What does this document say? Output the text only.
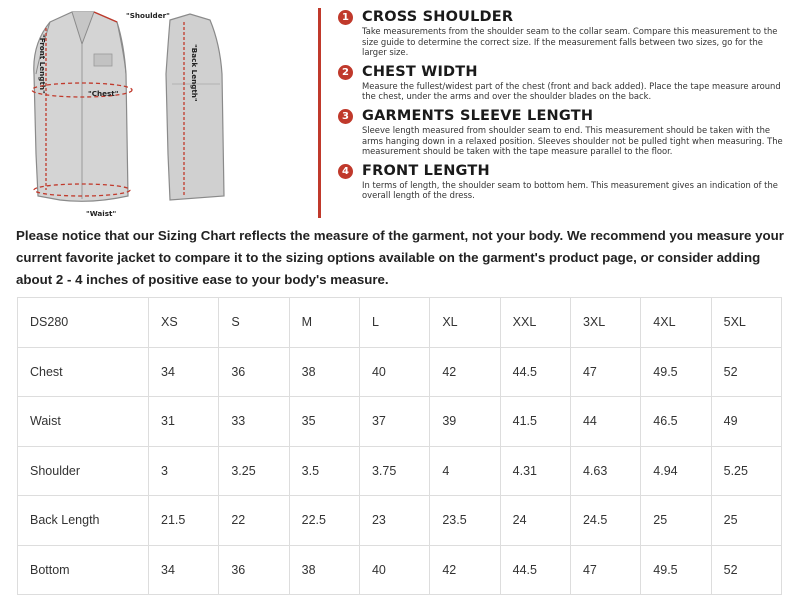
"Shoulder"
"Front Length"	"Chest"	"Back Length"
"Waist"
1 CROSS SHOULDER
Take measurements from the shoulder seam to the collar seam. Compare this measurement to the size guide to determine the correct size. If the measurement falls between two sizes, go for the larger size.
2 CHEST WIDTH
Measure the fullest/widest part of the chest (front and back added). Place the tape measure around the chest, under the arms and over the shoulder blades on the back.
3 GARMENTS SLEEVE LENGTH
Sleeve length measured from shoulder seam to end. This measurement should be taken with the arms hanging down in a relaxed position. Sleeves shoulder not be pulled tight when measuring. The measurement should be taken with the tape measure parallel to the floor.
4 FRONT LENGTH
In terms of length, the shoulder seam to bottom hem. This measurement gives an indication of the overall length of the dress.

Please notice that our Sizing Chart reflects the measure of the garment, not your body. We recommend you measure your current favorite jacket to compare it to the sizing options available on the garment's product page, or consider adding about 2 - 4 inches of positive ease to your body's measure.

DS280	XS	S	M	L	XL	XXL	3XL	4XL	5XL
Chest	34	36	38	40	42	44.5	47	49.5	52
Waist	31	33	35	37	39	41.5	44	46.5	49
Shoulder	3	3.25	3.5	3.75	4	4.31	4.63	4.94	5.25
Back Length	21.5	22	22.5	23	23.5	24	24.5	25	25
Bottom	34	36	38	40	42	44.5	47	49.5	52
